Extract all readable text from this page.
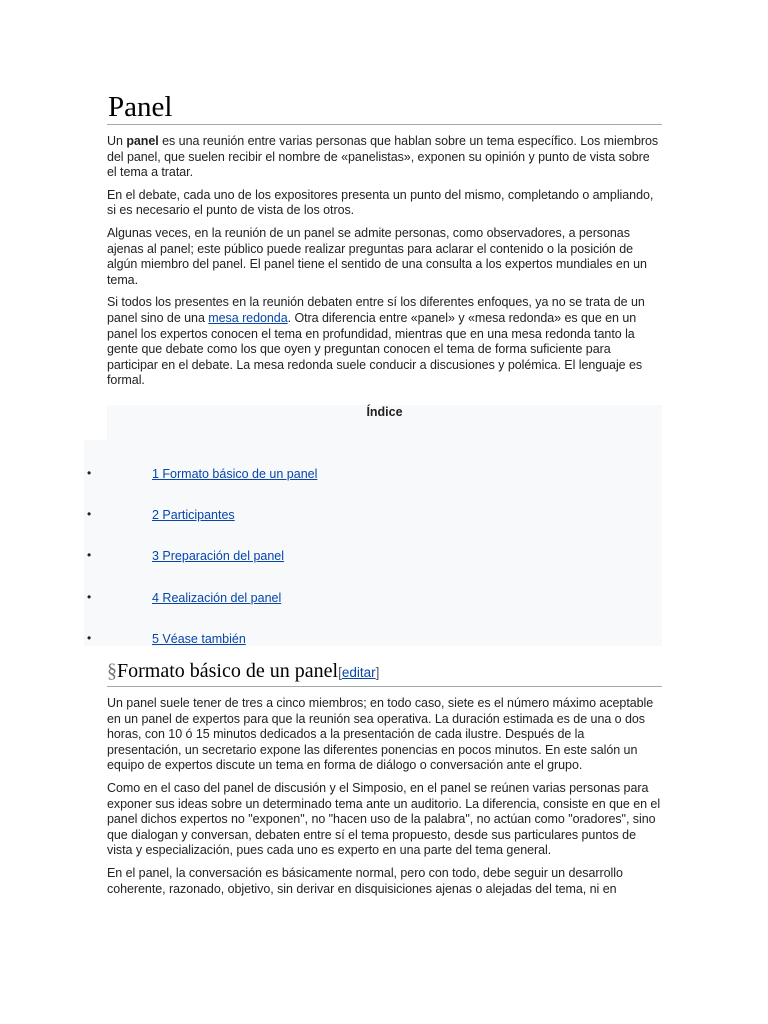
Panel

Un panel es una reunión entre varias personas que hablan sobre un tema específico. Los miembros del panel, que suelen recibir el nombre de «panelistas», exponen su opinión y punto de vista sobre el tema a tratar.

En el debate, cada uno de los expositores presenta un punto del mismo, completando o ampliando, si es necesario el punto de vista de los otros.

Algunas veces, en la reunión de un panel se admite personas, como observadores, a personas ajenas al panel; este público puede realizar preguntas para aclarar el contenido o la posición de algún miembro del panel. El panel tiene el sentido de una consulta a los expertos mundiales en un tema.

Si todos los presentes en la reunión debaten entre sí los diferentes enfoques, ya no se trata de un panel sino de una mesa redonda. Otra diferencia entre «panel» y «mesa redonda» es que en un panel los expertos conocen el tema en profundidad, mientras que en una mesa redonda tanto la gente que debate como los que oyen y preguntan conocen el tema de forma suficiente para participar en el debate. La mesa redonda suele conducir a discusiones y polémica. El lenguaje es formal.

•	1 Formato básico de un panel
•	2 Participantes
•	3 Preparación del panel
•	4 Realización del panel
•	5 Véase también
Índice
§Formato básico de un panel[editar]

Un panel suele tener de tres a cinco miembros; en todo caso, siete es el número máximo aceptable en un panel de expertos para que la reunión sea operativa. La duración estimada es de una o dos horas, con 10 ó 15 minutos dedicados a la presentación de cada ilustre. Después de la presentación, un secretario expone las diferentes ponencias en pocos minutos. En este salón un equipo de expertos discute un tema en forma de diálogo o conversación ante el grupo.

Como en el caso del panel de discusión y el Simposio, en el panel se reúnen varias personas para exponer sus ideas sobre un determinado tema ante un auditorio. La diferencia, consiste en que en el panel dichos expertos no "exponen", no "hacen uso de la palabra", no actúan como "oradores", sino que dialogan y conversan, debaten entre sí el tema propuesto, desde sus particulares puntos de vista y especialización, pues cada uno es experto en una parte del tema general.

En el panel, la conversación es básicamente normal, pero con todo, debe seguir un desarrollo coherente, razonado, objetivo, sin derivar en disquisiciones ajenas o alejadas del tema, ni en
